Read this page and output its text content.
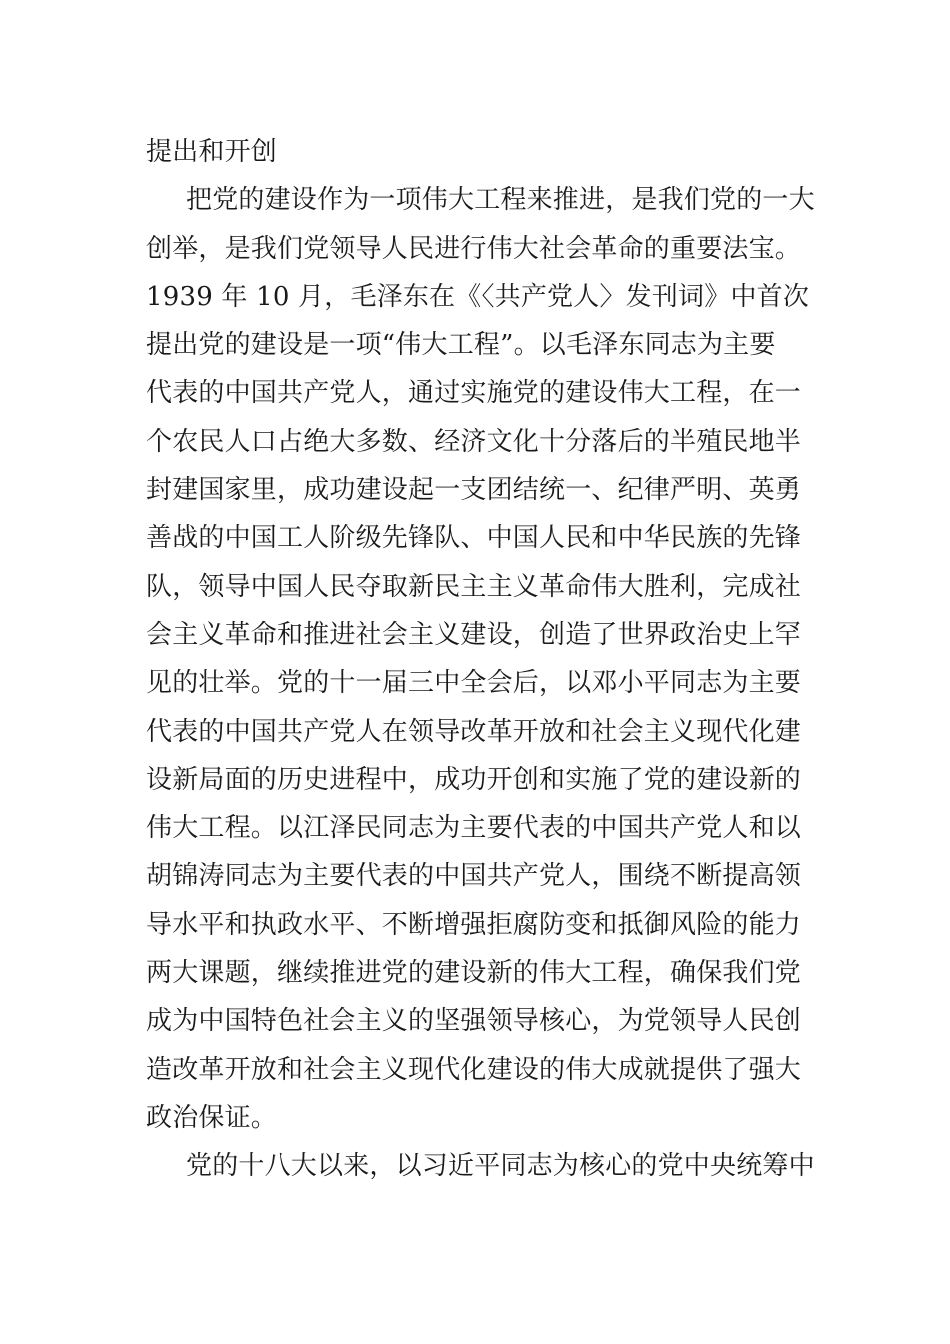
提出和开创
把党的建设作为一项伟大工程来推进，是我们党的一大
创举，是我们党领导人民进行伟大社会革命的重要法宝。
1939 年 10 月，毛泽东在《〈共产党人〉发刊词》中首次
提出党的建设是一项“伟大工程”。以毛泽东同志为主要
代表的中国共产党人，通过实施党的建设伟大工程，在一
个农民人口占绝大多数、经济文化十分落后的半殖民地半
封建国家里，成功建设起一支团结统一、纪律严明、英勇
善战的中国工人阶级先锋队、中国人民和中华民族的先锋
队，领导中国人民夺取新民主主义革命伟大胜利，完成社
会主义革命和推进社会主义建设，创造了世界政治史上罕
见的壮举。党的十一届三中全会后，以邓小平同志为主要
代表的中国共产党人在领导改革开放和社会主义现代化建
设新局面的历史进程中，成功开创和实施了党的建设新的
伟大工程。以江泽民同志为主要代表的中国共产党人和以
胡锦涛同志为主要代表的中国共产党人，围绕不断提高领
导水平和执政水平、不断增强拒腐防变和抵御风险的能力
两大课题，继续推进党的建设新的伟大工程，确保我们党
成为中国特色社会主义的坚强领导核心，为党领导人民创
造改革开放和社会主义现代化建设的伟大成就提供了强大
政治保证。
党的十八大以来，以习近平同志为核心的党中央统筹中
